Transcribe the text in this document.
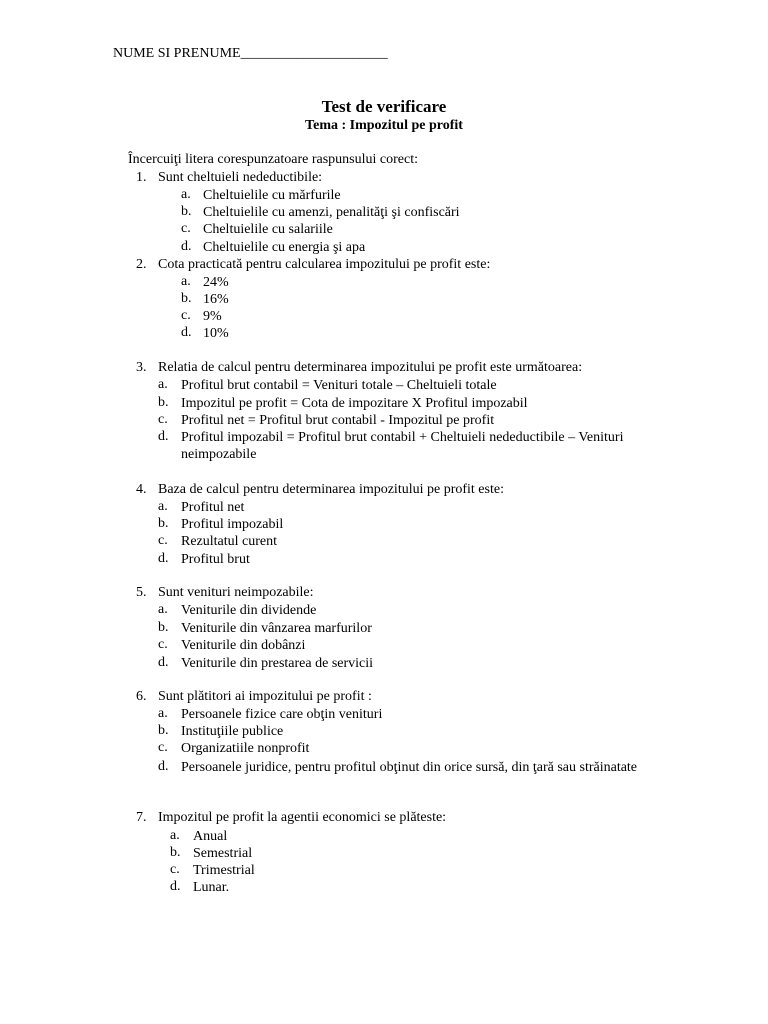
NUME SI PRENUME_____________________
Test de verificare
Tema : Impozitul pe profit
Încercuiţi litera corespunzatoare raspunsului corect:
1. Sunt cheltuieli nedeductibile:
a. Cheltuielile cu mărfurile
b. Cheltuielile cu amenzi, penalităţi şi confiscări
c. Cheltuielile cu salariile
d. Cheltuielile cu energia şi apa
2. Cota practicată pentru calcularea impozitului pe profit este:
a. 24%
b. 16%
c. 9%
d. 10%
3. Relatia de calcul pentru determinarea impozitului pe profit este următoarea:
a. Profitul brut contabil = Venituri totale – Cheltuieli totale
b. Impozitul pe profit = Cota de impozitare X Profitul impozabil
c. Profitul net = Profitul brut contabil - Impozitul pe profit
d. Profitul impozabil = Profitul brut contabil + Cheltuieli nedeductibile – Venituri neimpozabile
4. Baza de calcul pentru determinarea impozitului pe profit este:
a. Profitul net
b. Profitul impozabil
c. Rezultatul curent
d. Profitul brut
5. Sunt venituri neimpozabile:
a. Veniturile din dividende
b. Veniturile din vânzarea marfurilor
c. Veniturile din dobânzi
d. Veniturile din prestarea de servicii
6. Sunt plătitori ai impozitului pe profit :
a. Persoanele fizice care obţin venituri
b. Instituţiile publice
c. Organizatiile nonprofit
d. Persoanele juridice, pentru profitul obţinut din orice sursă, din ţară sau străinatate
7. Impozitul pe profit la agentii economici se plăteste:
a. Anual
b. Semestrial
c. Trimestrial
d. Lunar.
